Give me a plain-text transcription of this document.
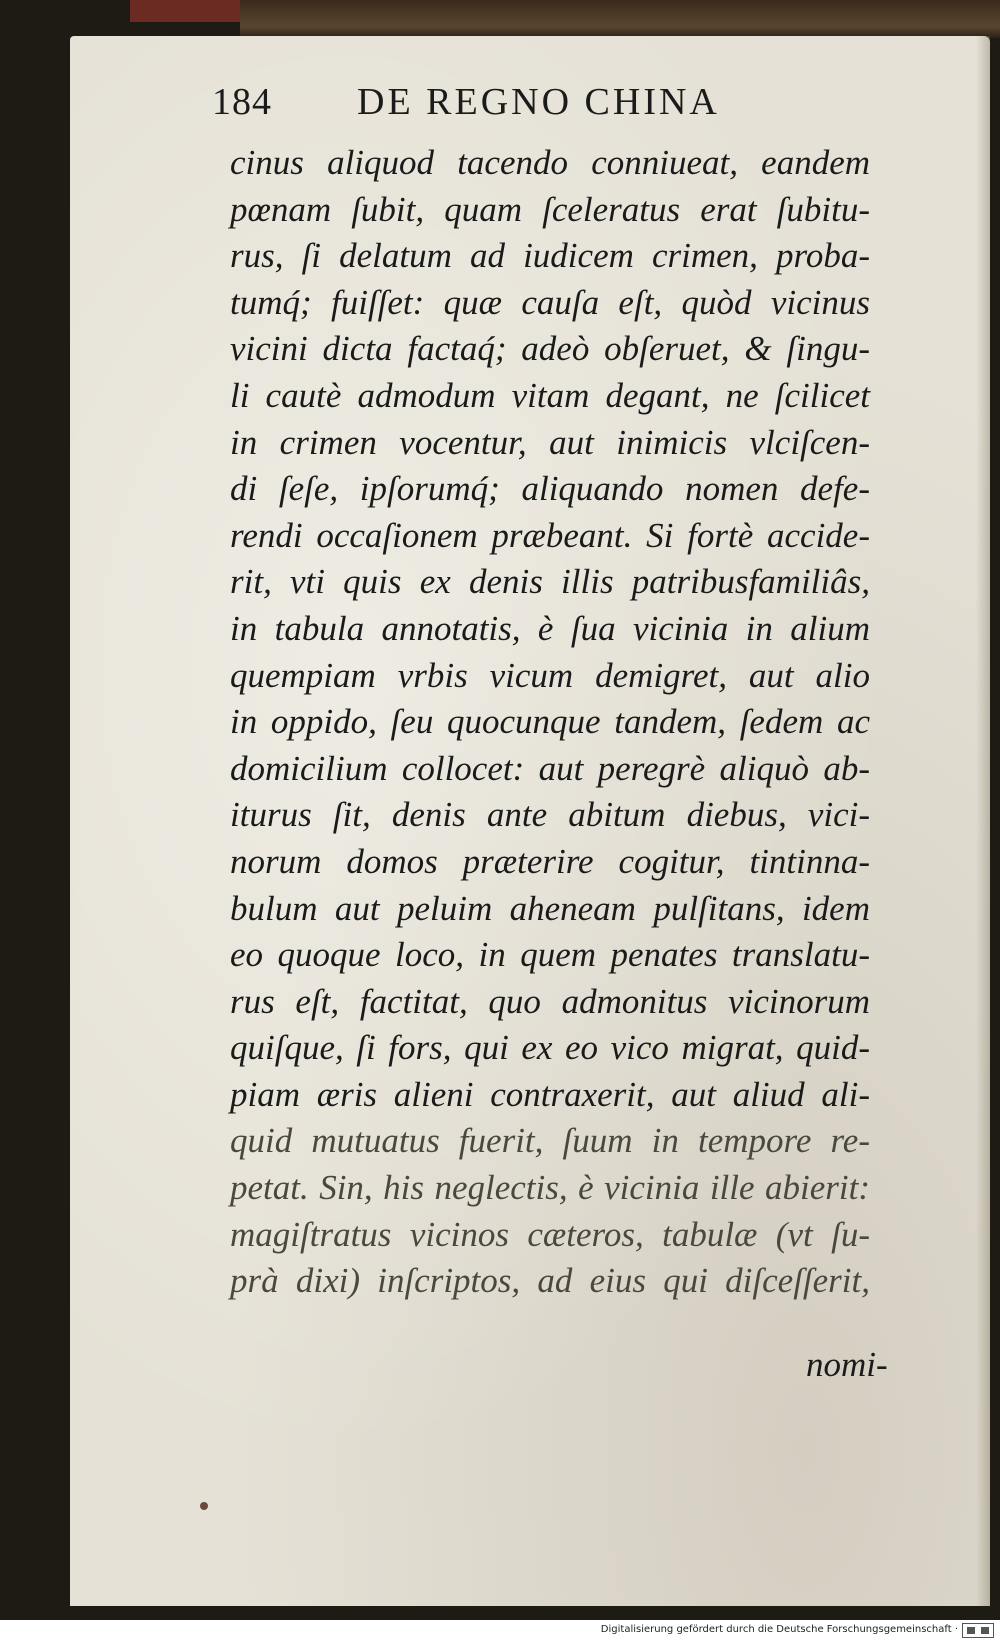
184 DE REGNO CHINA
cinus aliquod tacendo conniueat, eandem
pœnam ſubit, quam ſceleratus erat ſubitu-
rus, ſi delatum ad iudicem crimen, proba-
tumq́; fuiſſet: quæ cauſa eſt, quòd vicinus
vicini dicta factaq́; adeò obſeruet, & ſingu-
li cautè admodum vitam degant, ne ſcilicet
in crimen vocentur, aut inimicis vlciſcen-
di ſeſe, ipſorumq́; aliquando nomen defe-
rendi occaſionem præbeant. Si fortè accide-
rit, vti quis ex denis illis patribusfamiliâs,
in tabula annotatis, è ſua vicinia in alium
quempiam vrbis vicum demigret, aut alio
in oppido, ſeu quocunque tandem, ſedem ac
domicilium collocet: aut peregrè aliquò ab-
iturus ſit, denis ante abitum diebus, vici-
norum domos præterire cogitur, tintinna-
bulum aut peluim aheneam pulſitans, idem
eo quoque loco, in quem penates translatu-
rus eſt, factitat, quo admonitus vicinorum
quiſque, ſi fors, qui ex eo vico migrat, quid-
piam æris alieni contraxerit, aut aliud ali-
quid mutuatus fuerit, ſuum in tempore re-
petat. Sin, his neglectis, è vicinia ille abierit:
magiſtratus vicinos cæteros, tabulæ (vt ſu-
prà dixi) inſcriptos, ad eius qui diſceſſerit,
nomi-
Digitalisierung gefördert durch die Deutsche Forschungsgemeinschaft ·
